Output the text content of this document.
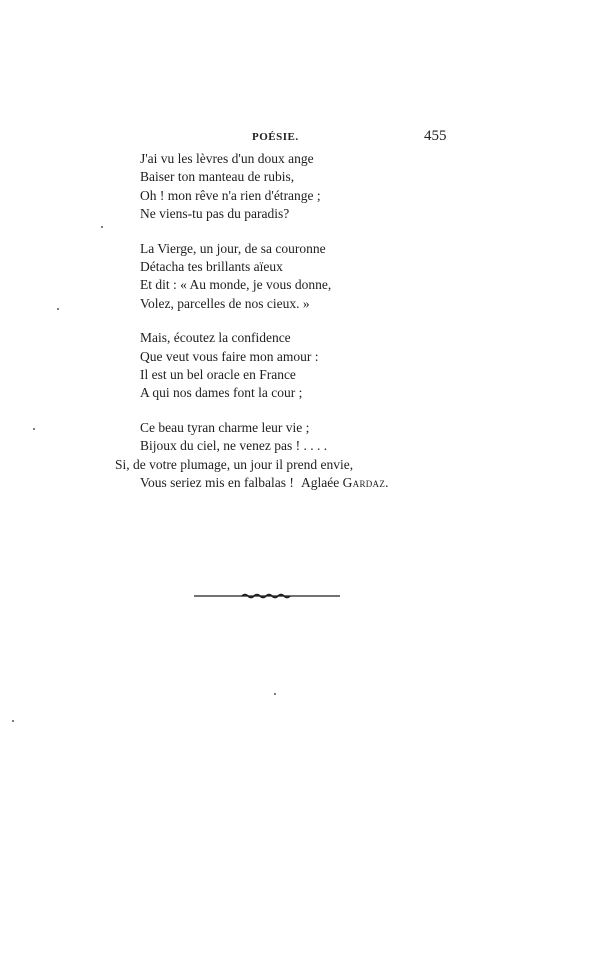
POÉSIE.	455
J'ai vu les lèvres d'un doux ange
Baiser ton manteau de rubis,
Oh ! mon rêve n'a rien d'étrange ;
Ne viens-tu pas du paradis?
La Vierge, un jour, de sa couronne
Détacha tes brillants aïeux
Et dit : « Au monde, je vous donne,
Volez, parcelles de nos cieux. »
Mais, écoutez la confidence
Que veut vous faire mon amour :
Il est un bel oracle en France
A qui nos dames font la cour ;
Ce beau tyran charme leur vie ;
Bijoux du ciel, ne venez pas ! . . . .
Si, de votre plumage, un jour il prend envie,
Vous seriez mis en falbalas ! Aglaée Gardaz.
